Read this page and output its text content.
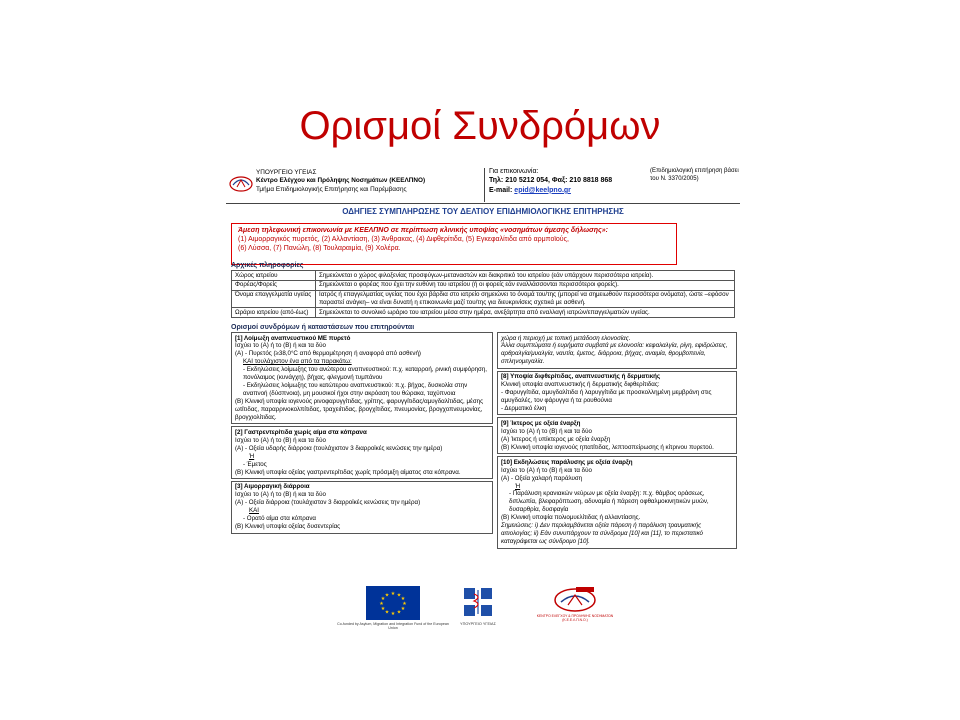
Ορισμοί Συνδρόμων
ΥΠΟΥΡΓΕΙΟ ΥΓΕΙΑΣ
Κέντρο Ελέγχου και Πρόληψης Νοσημάτων (ΚΕΕΛΠΝΟ)
Τμήμα Επιδημιολογικής Επιτήρησης και Παρέμβασης
Για επικοινωνία:
Τηλ: 210 5212 054, Φαξ: 210 8818 868
E-mail: epid@keelpno.gr
(Επιδημιολογική επιτήρηση βάσει του Ν. 3370/2005)
ΟΔΗΓΙΕΣ ΣΥΜΠΛΗΡΩΣΗΣ ΤΟΥ ΔΕΛΤΙΟΥ ΕΠΙΔΗΜΙΟΛΟΓΙΚΗΣ ΕΠΙΤΗΡΗΣΗΣ
Άμεση τηλεφωνική επικοινωνία με ΚΕΕΛΠΝΟ σε περίπτωση κλινικής υποψίας «νοσημάτων άμεσης δήλωσης»:
(1) Αιμορραγικός πυρετός, (2) Αλλαντίαση, (3) Άνθρακας, (4) Διφθερίτιδα, (5) Εγκεφαλίτιδα από αρμπoϊούς,
(6) Λύσσα, (7) Πανώλη, (8) Τουλαραιμία, (9) Χολέρα.
Αρχικές πληροφορίες
Χώρος ιατρείου	Σημειώνεται ο χώρος φιλοξενίας προσφύγων-μεταναστών και διακριτικό του ιατρείου (εάν υπάρχουν περισσότερα ιατρεία).
Φορέας/Φορείς	Σημειώνεται ο φορέας που έχει την ευθύνη του ιατρείου (ή οι φορείς εάν εναλλάσσονται περισσότεροι φορείς).
Όνομα επαγγελματία υγείας	Ιατρός ή επαγγελματίας υγείας που έχει βάρδια στο ιατρείο σημειώνει το όνομά του/της (μπορεί να σημειωθούν περισσότερα ονόματα), ώστε –εφόσον παραστεί ανάγκη– να είναι δυνατή η επικοινωνία μαζί του/της για διευκρινίσεις σχετικά με ασθενή.
Ωράριο ιατρείου (από-έως)	Σημειώνεται το συνολικό ωράριο του ιατρείου μέσα στην ημέρα, ανεξάρτητα από εναλλαγή ιατρών/επαγγελματιών υγείας.
Ορισμοί συνδρόμων ή καταστάσεων που επιτηρούνται
[1] Λοίμωξη αναπνευστικού ΜΕ πυρετό
Ισχύει το (Α) ή το (Β) ή και τα δύο
(Α) - Πυρετός (≥38,0°C από θερμομέτρηση ή αναφορά από ασθενή)
ΚΑΙ τουλάχιστον ένα από τα παρακάτω:
- Εκδηλώσεις λοίμωξης του ανώτερου αναπνευστικού: π.χ. καταρροή, ρινική συμφόρηση, πονόλαιμος (κυνάγχη), βήχας, φλεγμονή τυμπάνου
- Εκδηλώσεις λοίμωξης του κατώτερου αναπνευστικού: π.χ. βήχας, δυσκολία στην αναπνοή (δύσπνοια), μη μουσικοί ήχοι στην ακρόαση του θώρακα, ταχύπνοια
(Β) Κλινική υποψία ιογενούς ρινοφαρυγγίτιδας, γρίπης, φαρυγγίτιδας/αμυγδαλίτιδας, μέσης ωτίτιδας, παραρρινοκολπίτιδας, τραχειίτιδας, βρογχίτιδας, πνευμονίας, βρογχοπνευμονίας, βρογχιολίτιδας.
[2] Γαστρεντερίτιδα χωρίς αίμα στα κόπρανα
Ισχύει το (Α) ή το (Β) ή και τα δύο
(Α) - Οξεία υδαρής διάρροια (τουλάχιστον 3 διαρροϊκές κενώσεις την ημέρα)
Ή
- Έμετος
(Β) Κλινική υποψία οξείας γαστρεντερίτιδας χωρίς πρόσμιξη αίματος στα κόπρανα.
[3] Αιμορραγική διάρροια
Ισχύει το (Α) ή το (Β) ή και τα δύο
(Α) - Οξεία διάρροια (τουλάχιστον 3 διαρροϊκές κενώσεις την ημέρα)
ΚΑΙ
- Ορατό αίμα στα κόπρανα
(Β) Κλινική υποψία οξείας δυσεντερίας
χώρα ή περιοχή με τοπική μετάδοση ελονοσίας.
Άλλα συμπτώματα ή ευρήματα συμβατά με ελονοσία: κεφαλαλγία, ρίγη, εφιδρώσεις, αρθραλγία/μυαλγία, ναυτία, έμετος, διάρροια, βήχας, αναιμία, θρομβοπενία, σπληνομεγαλία.
[8] Υποψία διφθερίτιδας, αναπνευστικής ή δερματικής
Κλινική υποψία αναπνευστικής ή δερματικής διφθερίτιδας:
- Φαρυγγίτιδα, αμυγδαλίτιδα ή λαρυγγίτιδα με προσκολλημένη μεμβράνη στις αμυγδαλές, τον φάρυγγα ή τα ρουθούνια
- Δερματικό έλκη
[9] Ίκτερος με οξεία έναρξη
Ισχύει το (Α) ή το (Β) ή και τα δύο
(Α) Ίκτερος ή υπίκτερος με οξεία έναρξη
(Β) Κλινική υποψία ιογενούς ηπατίτιδας, λεπτοσπείρωσης ή κίτρινου πυρετού.
[10] Εκδηλώσεις παράλυσης με οξεία έναρξη
Ισχύει το (Α) ή το (Β) ή και τα δύο
(Α) - Οξεία χαλαρή παράλυση
Ή
- Παράλυση κρανιακών νεύρων με οξεία έναρξη: π.χ. θάμβος οράσεως, διπλωπία, βλεφαρόπτωση, αδυναμία ή πάρεση οφθαλμοκινητικών μυών, δυσαρθρία, δυσφαγία
(Β) Κλινική υποψία πολιομυελίτιδας ή αλλαντίασης.
Σημειώσεις: i) Δεν περιλαμβάνεται οξεία πάρεση ή παράλυση τραυματικής αιτιολογίας; ii) Εάν συνυπάρχουν τα σύνδρομα [10] και [11], το περιστατικό καταγράφεται ως σύνδρομο [10].
★ ★
★
★
★
★
★
★
★
★
★
★
Co-funded by Asylum, Migration and Integration Fund of the European Union
ΥΠΟΥΡΓΕΙΟ ΥΓΕΙΑΣ
ΚΕΝΤΡΟ ΕΛΕΓΧΟΥ & ΠΡΟΛΗΨΗΣ ΝΟΣΗΜΑΤΩΝ (Κ.Ε.Ε.Λ.Π.Ν.Ο.)
